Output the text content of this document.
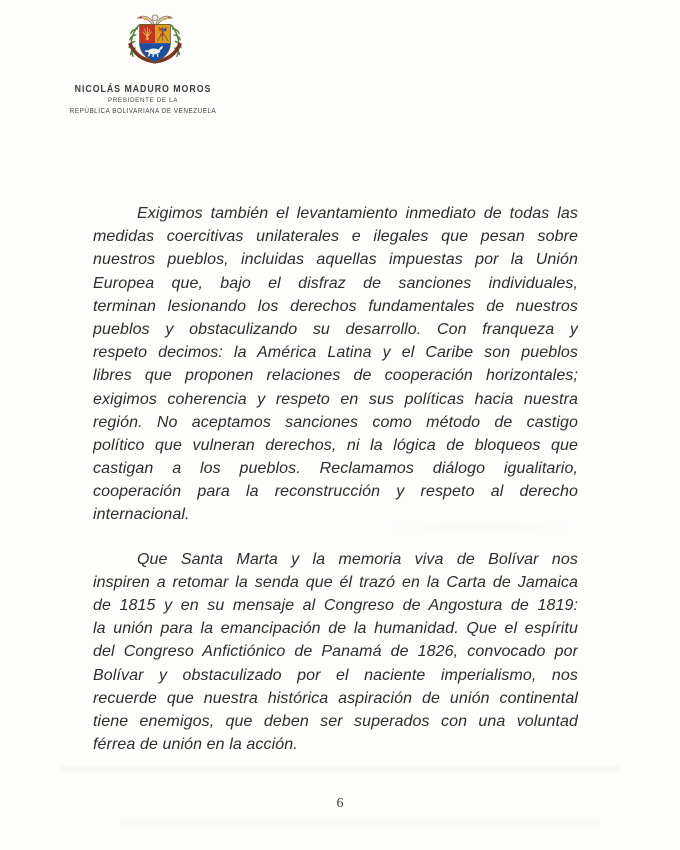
NICOLÁS MADURO MOROS
PRESIDENTE DE LA
REPÚBLICA BOLIVARIANA DE VENEZUELA
Exigimos también el levantamiento inmediato de todas las
medidas coercitivas unilaterales e ilegales que pesan sobre
nuestros pueblos, incluidas aquellas impuestas por la Unión
Europea que, bajo el disfraz de sanciones individuales,
terminan lesionando los derechos fundamentales de nuestros
pueblos y obstaculizando su desarrollo. Con franqueza y
respeto decimos: la América Latina y el Caribe son pueblos
libres que proponen relaciones de cooperación horizontales;
exigimos coherencia y respeto en sus políticas hacia nuestra
región. No aceptamos sanciones como método de castigo
político que vulneran derechos, ni la lógica de bloqueos que
castigan a los pueblos. Reclamamos diálogo igualitario,
cooperación para la reconstrucción y respeto al derecho
internacional.
Que Santa Marta y la memoria viva de Bolívar nos
inspiren a retomar la senda que él trazó en la Carta de Jamaica
de 1815 y en su mensaje al Congreso de Angostura de 1819:
la unión para la emancipación de la humanidad. Que el espíritu
del Congreso Anfictiónico de Panamá de 1826, convocado por
Bolívar y obstaculizado por el naciente imperialismo, nos
recuerde que nuestra histórica aspiración de unión continental
tiene enemigos, que deben ser superados con una voluntad
férrea de unión en la acción.
6
